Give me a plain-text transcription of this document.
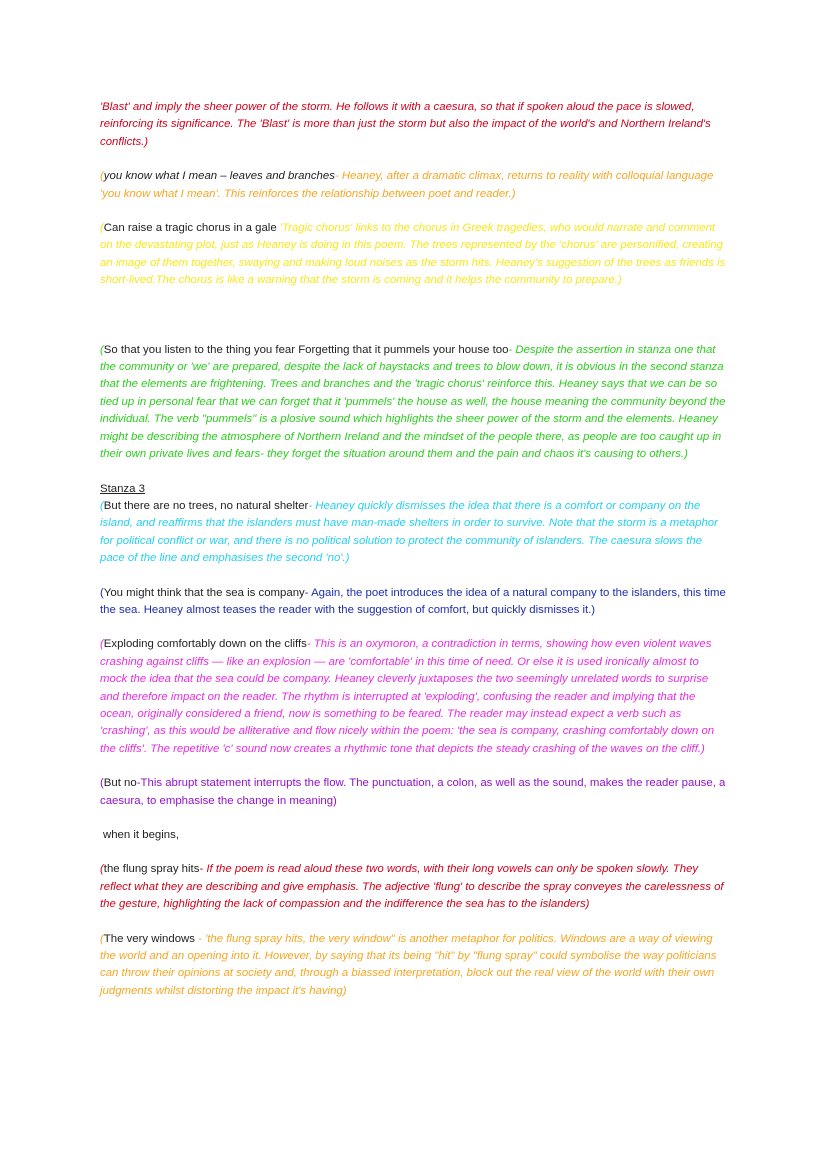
'Blast' and imply the sheer power of the storm. He follows it with a caesura, so that if spoken aloud the pace is slowed, reinforcing its significance. The 'Blast' is more than just the storm but also the impact of the world's and Northern Ireland's conflicts.)

(you know what I mean – leaves and branches- Heaney, after a dramatic climax, returns to reality with colloquial language 'you know what I mean'. This reinforces the relationship between poet and reader.)

(Can raise a tragic chorus in a gale 'Tragic chorus' links to the chorus in Greek tragedies, who would narrate and comment on the devastating plot, just as Heaney is doing in this poem. The trees represented by the 'chorus' are personified, creating an image of them together, swaying and making loud noises as the storm hits. Heaney's suggestion of the trees as friends is short-lived.The chorus is like a warning that the storm is coming and it helps the community to prepare.)

(So that you listen to the thing you fear Forgetting that it pummels your house too- Despite the assertion in stanza one that the community or 'we' are prepared, despite the lack of haystacks and trees to blow down, it is obvious in the second stanza that the elements are frightening. Trees and branches and the 'tragic chorus' reinforce this. Heaney says that we can be so tied up in personal fear that we can forget that it 'pummels' the house as well, the house meaning the community beyond the individual. The verb "pummels" is a plosive sound which highlights the sheer power of the storm and the elements. Heaney might be describing the atmosphere of Northern Ireland and the mindset of the people there, as people are too caught up in their own private lives and fears- they forget the situation around them and the pain and chaos it's causing to others.)

Stanza 3

(But there are no trees, no natural shelter- Heaney quickly dismisses the idea that there is a comfort or company on the island, and reaffirms that the islanders must have man-made shelters in order to survive. Note that the storm is a metaphor for political conflict or war, and there is no political solution to protect the community of islanders. The caesura slows the pace of the line and emphasises the second 'no'.)

(You might think that the sea is company- Again, the poet introduces the idea of a natural company to the islanders, this time the sea. Heaney almost teases the reader with the suggestion of comfort, but quickly dismisses it.)

(Exploding comfortably down on the cliffs- This is an oxymoron, a contradiction in terms, showing how even violent waves crashing against cliffs — like an explosion — are 'comfortable' in this time of need. Or else it is used ironically almost to mock the idea that the sea could be company. Heaney cleverly juxtaposes the two seemingly unrelated words to surprise and therefore impact on the reader. The rhythm is interrupted at 'exploding', confusing the reader and implying that the ocean, originally considered a friend, now is something to be feared. The reader may instead expect a verb such as 'crashing', as this would be alliterative and flow nicely within the poem: 'the sea is company, crashing comfortably down on the cliffs'. The repetitive 'c' sound now creates a rhythmic tone that depicts the steady crashing of the waves on the cliff.)

(But no-This abrupt statement interrupts the flow. The punctuation, a colon, as well as the sound, makes the reader pause, a caesura, to emphasise the change in meaning)

when it begins,

(the flung spray hits- If the poem is read aloud these two words, with their long vowels can only be spoken slowly. They reflect what they are describing and give emphasis. The adjective 'flung' to describe the spray conveyes the carelessness of the gesture, highlighting the lack of compassion and the indifference the sea has to the islanders)

(The very windows - 'the flung spray hits, the very window" is another metaphor for politics. Windows are a way of viewing the world and an opening into it. However, by saying that its being "hit" by "flung spray" could symbolise the way politicians can throw their opinions at society and, through a biassed interpretation, block out the real view of the world with their own judgments whilst distorting the impact it's having)
